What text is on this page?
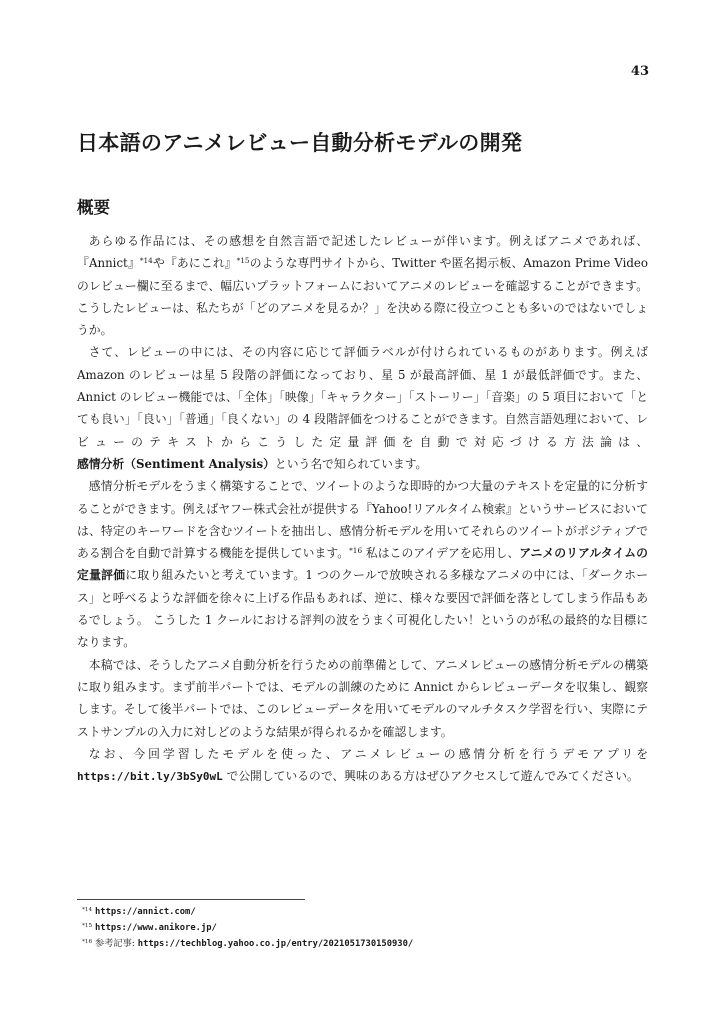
43
日本語のアニメレビュー自動分析モデルの開発
概要

あらゆる作品には、その感想を自然言語で記述したレビューが伴います。例えばアニメであれば、『Annict』$^{*14}$や『あにこれ』$^{*15}$のような専門サイトから、Twitter や匿名掲示板、Amazon Prime Video のレビュー欄に至るまで、幅広いプラットフォームにおいてアニメのレビューを確認することができます。こうしたレビューは、私たちが「どのアニメを見るか？」を決める際に役立つことも多いのではないでしょうか。

さて、レビューの中には、その内容に応じて評価ラベルが付けられているものがあります。例えば Amazon のレビューは星 5 段階の評価になっており、星 5 が最高評価、星 1 が最低評価です。また、Annict のレビュー機能では、「全体」「映像」「キャラクター」「ストーリー」「音楽」の 5 項目において「とても良い」「良い」「普通」「良くない」の 4 段階評価をつけることができます。自然言語処理において、レビューのテキストからこうした定量評価を自動で対応づける方法論は、感情分析（Sentiment Analysis）という名で知られています。

感情分析モデルをうまく構築することで、ツイートのような即時的かつ大量のテキストを定量的に分析することができます。例えばヤフー株式会社が提供する『Yahoo!リアルタイム検索』というサービスにおいては、特定のキーワードを含むツイートを抽出し、感情分析モデルを用いてそれらのツイートがポジティブである割合を自動で計算する機能を提供しています。$^{*16}$ 私はこのアイデアを応用し、アニメのリアルタイムの定量評価に取り組みたいと考えています。1 つのクールで放映される多様なアニメの中には、「ダークホース」と呼べるような評価を徐々に上げる作品もあれば、逆に、様々な要因で評価を落としてしまう作品もあるでしょう。 こうした 1 クールにおける評判の波をうまく可視化したい！というのが私の最終的な目標になります。

本稿では、そうしたアニメ自動分析を行うための前準備として、アニメレビューの感情分析モデルの構築に取り組みます。まず前半パートでは、モデルの訓練のために Annict からレビューデータを収集し、観察します。そして後半パートでは、このレビューデータを用いてモデルのマルチタスク学習を行い、実際にテストサンプルの入力に対しどのような結果が得られるかを確認します。

なお、今回学習したモデルを使った、アニメレビューの感情分析を行うデモアプリを https://bit.ly/3bSy0wL で公開しているので、興味のある方はぜひアクセスして遊んでみてください。

$^{*14}$ https://annict.com/
$^{*15}$ https://www.anikore.jp/
$^{*16}$ 参考記事: https://techblog.yahoo.co.jp/entry/2021051730150930/
